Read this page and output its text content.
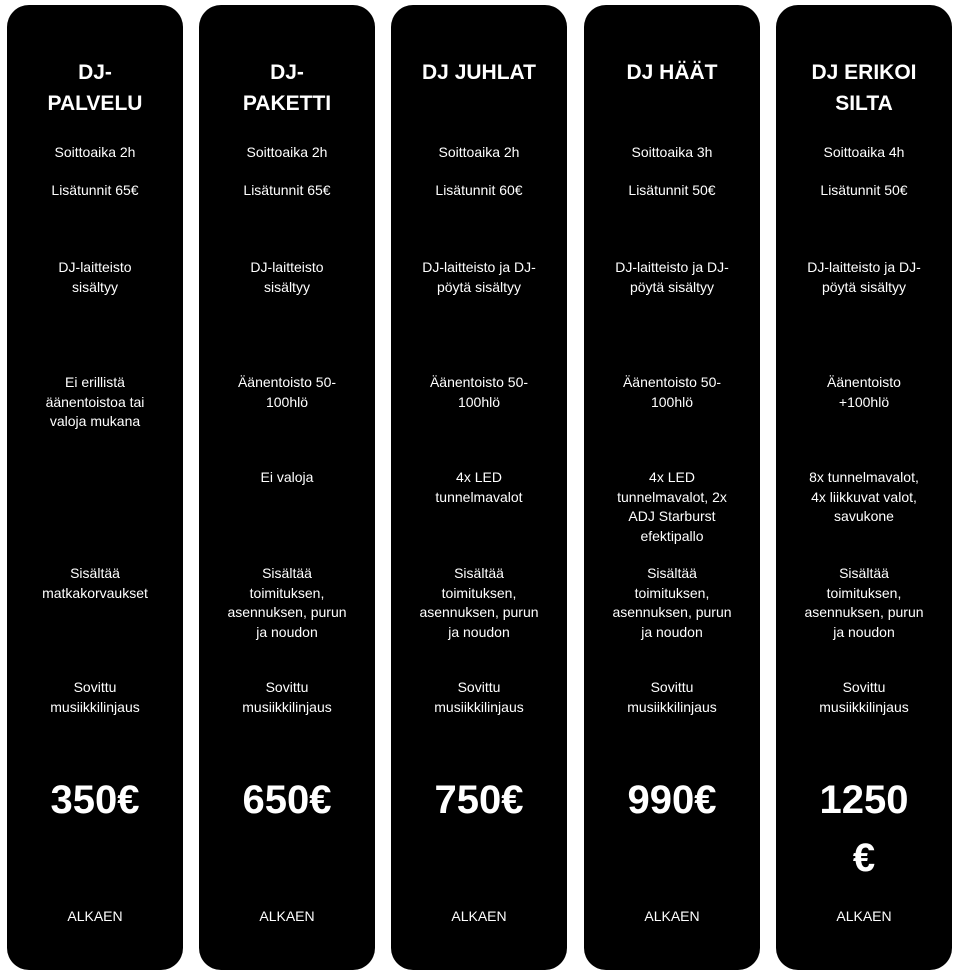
DJ-PALVELU
Soittoaika 2h
Lisätunnit 65€
DJ-laitteisto sisältyy
Ei erillistä äänentoistoa tai valoja mukana
Sisältää matkakorvaukset
Sovittu musiikkilinjaus
350€
ALKAEN
DJ-PAKETTI
Soittoaika 2h
Lisätunnit 65€
DJ-laitteisto sisältyy
Äänentoisto 50-100hlö
Ei valoja
Sisältää toimituksen, asennuksen, purun ja noudon
Sovittu musiikkilinjaus
650€
ALKAEN
DJ JUHLAT
Soittoaika 2h
Lisätunnit 60€
DJ-laitteisto ja DJ-pöytä sisältyy
Äänentoisto 50-100hlö
4x LED tunnelmavalot
Sisältää toimituksen, asennuksen, purun ja noudon
Sovittu musiikkilinjaus
750€
ALKAEN
DJ HÄÄT
Soittoaika 3h
Lisätunnit 50€
DJ-laitteisto ja DJ-pöytä sisältyy
Äänentoisto 50-100hlö
4x LED tunnelmavalot, 2x ADJ Starburst efektipallo
Sisältää toimituksen, asennuksen, purun ja noudon
Sovittu musiikkilinjaus
990€
ALKAEN
DJ ERIKOISILTA
Soittoaika 4h
Lisätunnit 50€
DJ-laitteisto ja DJ-pöytä sisältyy
Äänentoisto +100hlö
8x tunnelmavalot, 4x liikkuvat valot, savukone
Sisältää toimituksen, asennuksen, purun ja noudon
Sovittu musiikkilinjaus
1250€
ALKAEN
